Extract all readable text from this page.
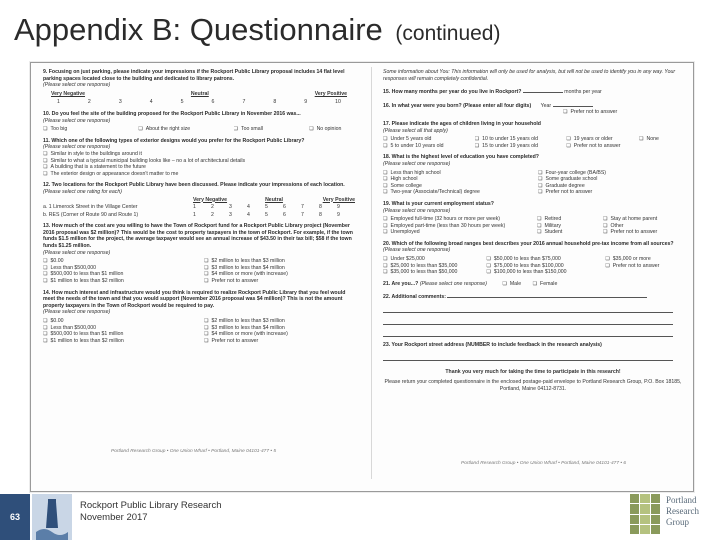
Appendix B: Questionnaire (continued)
9. Focusing on just parking, please indicate your impressions if the Rockport Public Library proposal includes 14 flat level parking spaces located close to the building and dedicated to library patrons.
(Please select one response)
Very Negative	Neutral	Very Positive
1	2	3	4	5	6	7	8	9	10
10. Do you feel the site of the building proposed for the Rockport Public Library in November 2016 was...
(Please select one response)
❏ Too big	❏ About the right size	❏ Too small	❏ No opinion
11. Which one of the following types of exterior designs would you prefer for the Rockport Public Library?
(Please select one response)
❏ Similar in style to the buildings around it
❏ Similar to what a typical municipal building looks like – no a lot of architectural details
❏ A building that is a statement to the future
❏ The exterior design or appearance doesn't matter to me
12. Two locations for the Rockport Public Library have been discussed. Please indicate your impressions of each location.
(Please select one rating for each)
Very Negative	Neutral	Very Positive
a. 1 Limerock Street in the Village Center	1	2	3	4	5	6	7	8	9
b. RES (Corner of Route 90 and Route 1)	1	2	3	4	5	6	7	8	9
13. How much of the cost are you willing to have the Town of Rockport fund for a Rockport Public Library project (November 2016 proposal was $2 million)? This would be the cost to property taxpayers in the town of Rockport. For example, if the town funds $1.5 million for the project, the average taxpayer would see an annual increase of $43.50 in their tax bill; $58 if the town funds $1.25 million.
(Please select one response)
❏ $0.00	❏ $2 million to less than $3 million
❏ Less than $500,000	❏ $3 million to less than $4 million
❏ $500,000 to less than $1 million	❏ $4 million or more (with increase)
❏ $1 million to less than $2 million	❏ Prefer not to answer
14. How much interest and infrastructure would you think is required to realize Rockport Public Library that you feel would meet the needs of the town and that you would support (November 2016 proposal was $4 million)? This is not the amount property taxpayers in the Town of Rockport would be required to pay.
(Please select one response)
❏ $0.00	❏ $2 million to less than $3 million
❏ Less than $500,000	❏ $3 million to less than $4 million
❏ $500,000 to less than $1 million	❏ $4 million or more (with increase)
❏ $1 million to less than $2 million	❏ Prefer not to answer
Portland Research Group • One Union Wharf • Portland, Maine 04101-477 • 5
Some information about You: This information will only be used for analysis, but will not be used to identify you in any way. Your responses will remain completely confidential.
15. How many months per year do you live in Rockport?	months per year
16. In what year were you born? (Please enter all four digits) Year
❏ Prefer not to answer
17. Please indicate the ages of children living in your household
(Please select all that apply)
❏ Under 5 years old	❏ 10 to under 15 years old	❏ 19 years or older	❏ None
❏ 5 to under 10 years old	❏ 15 to under 19 years old	❏ Prefer not to answer
18. What is the highest level of education you have completed?
(Please select one response)
❏ Less than high school	❏ Four-year college (BA/BS)
❏ High school	❏ Some graduate school
❏ Some college	❏ Graduate degree
❏ Two-year (Associate/Technical) degree	❏ Prefer not to answer
19. What is your current employment status?
(Please select one response)
❏ Employed full-time (32 hours or more per week)	❏ Retired	❏ Stay at home parent
❏ Employed part-time (less than 30 hours per week)	❏ Military	❏ Other
❏ Unemployed	❏ Student	❏ Prefer not to answer
20. Which of the following broad ranges best describes your 2016 annual household pre-tax income from all sources?
(Please select one response)
❏ Under $25,000	❏ $50,000 to less than $75,000	❏ $35,000 or more
❏ $25,000 to less than $35,000	❏ $75,000 to less than $100,000	❏ Prefer not to answer
❏ $35,000 to less than $50,000	❏ $100,000 to less than $150,000
21. Are you...? (Please select one response)	❏ Male	❏ Female
22. Additional comments:
23. Your Rockport street address (NUMBER to include feedback in the research analysis)
Thank you very much for taking the time to participate in this research!
Please return your completed questionnaire in the enclosed postage-paid envelope to Portland Research Group, P.O. Box 18185, Portland, Maine 04112-8731.
Portland Research Group • One Union Wharf • Portland, Maine 04101-477 • 6
63
Rockport Public Library Research
November 2017
Portland
Research
Group
